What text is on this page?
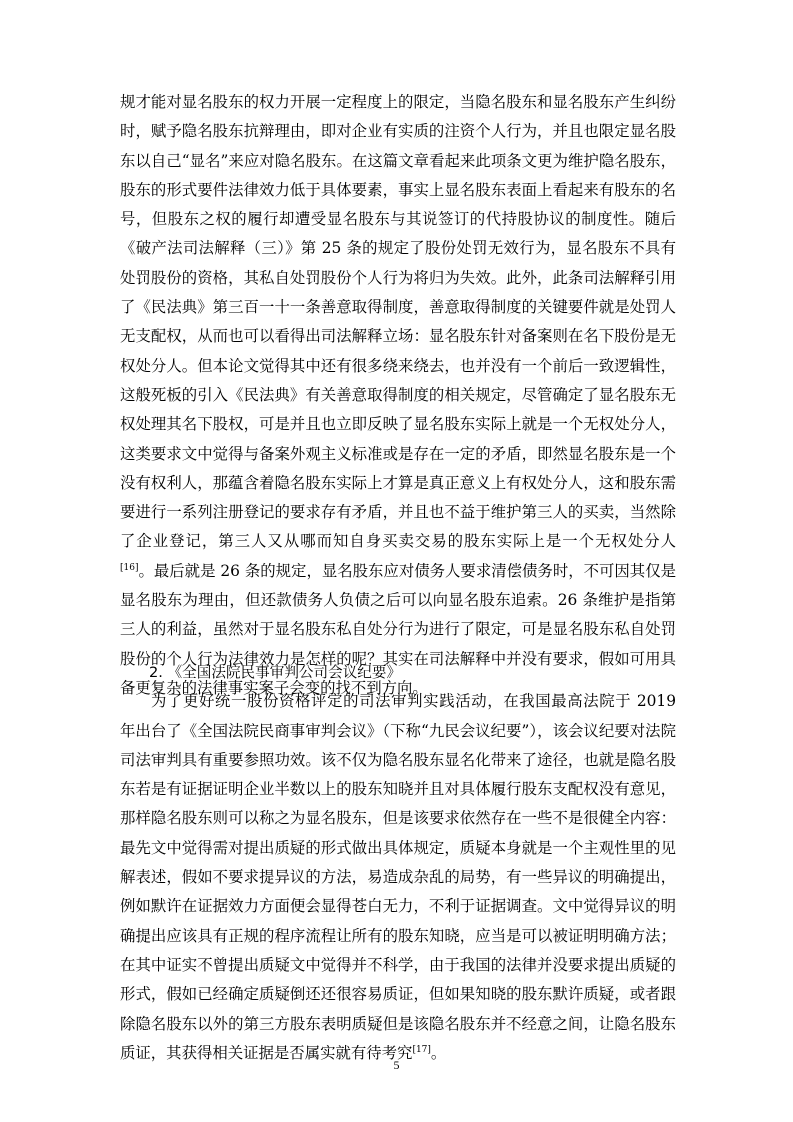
规才能对显名股东的权力开展一定程度上的限定，当隐名股东和显名股东产生纠纷时，赋予隐名股东抗辩理由，即对企业有实质的注资个人行为，并且也限定显名股东以自己“显名”来应对隐名股东。在这篇文章看起来此项条文更为维护隐名股东，股东的形式要件法律效力低于具体要素，事实上显名股东表面上看起来有股东的名号，但股东之权的履行却遭受显名股东与其说签订的代持股协议的制度性。随后《破产法司法解释（三）》第 25 条的规定了股份处罚无效行为，显名股东不具有处罚股份的资格，其私自处罚股份个人行为将归为失效。此外，此条司法解释引用了《民法典》第三百一十一条善意取得制度，善意取得制度的关键要件就是处罚人无支配权，从而也可以看得出司法解释立场：显名股东针对备案则在名下股份是无权处分人。但本论文觉得其中还有很多绕来绕去，也并没有一个前后一致逻辑性，这般死板的引入《民法典》有关善意取得制度的相关规定，尽管确定了显名股东无权处理其名下股权，可是并且也立即反映了显名股东实际上就是一个无权处分人，这类要求文中觉得与备案外观主义标准或是存在一定的矛盾，即然显名股东是一个没有权利人，那蕴含着隐名股东实际上才算是真正意义上有权处分人，这和股东需要进行一系列注册登记的要求存有矛盾，并且也不益于维护第三人的买卖，当然除了企业登记，第三人又从哪而知自身买卖交易的股东实际上是一个无权处分人[16]。最后就是 26 条的规定，显名股东应对债务人要求清偿债务时，不可因其仅是显名股东为理由，但还款债务人负债之后可以向显名股东追索。26 条维护是指第三人的利益，虽然对于显名股东私自处分行为进行了限定，可是显名股东私自处罚股份的个人行为法律效力是怎样的呢？其实在司法解释中并没有要求，假如可用具备更复杂的法律事实案子会变的找不到方向。

2. 《全国法院民事审判公司会议纪要》

为了更好统一股份资格评定的司法审判实践活动，在我国最高法院于 2019 年出台了《全国法院民商事审判会议》（下称“九民会议纪要”），该会议纪要对法院司法审判具有重要参照功效。该不仅为隐名股东显名化带来了途径，也就是隐名股东若是有证据证明企业半数以上的股东知晓并且对具体履行股东支配权没有意见，那样隐名股东则可以称之为显名股东，但是该要求依然存在一些不是很健全内容：最先文中觉得需对提出质疑的形式做出具体规定，质疑本身就是一个主观性里的见解表述，假如不要求提异议的方法，易造成杂乱的局势，有一些异议的明确提出，例如默许在证据效力方面便会显得苍白无力，不利于证据调查。文中觉得异议的明确提出应该具有正规的程序流程让所有的股东知晓，应当是可以被证明明确方法；在其中证实不曾提出质疑文中觉得并不科学，由于我国的法律并没要求提出质疑的形式，假如已经确定质疑倒还还很容易质证，但如果知晓的股东默许质疑，或者跟除隐名股东以外的第三方股东表明质疑但是该隐名股东并不经意之间，让隐名股东质证，其获得相关证据是否属实就有待考究[17]。

5
